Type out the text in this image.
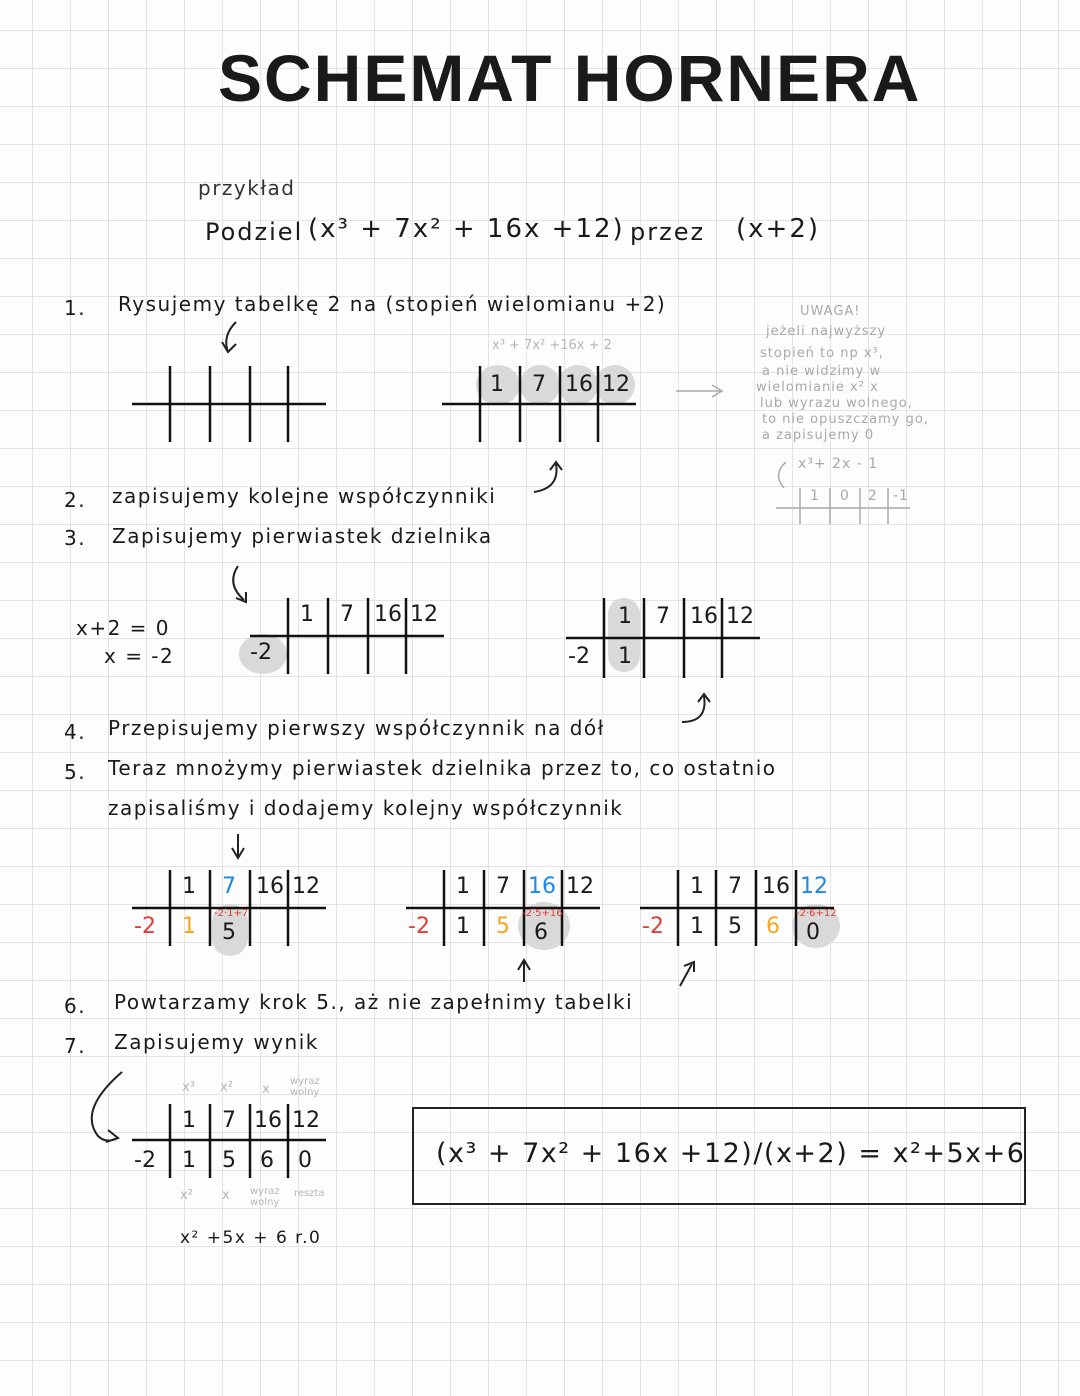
SCHEMAT HORNERA
przykład
Podziel (x³ + 7x² + 16x +12) przez (x+2)
1. Rysujemy tabelkę 2 na (stopień wielomianu +2)
x³ + 7x² +16x + 2
1 7 16 12
UWAGA!
jeżeli najwyższy
stopień to np x³,
a nie widzimy w
wielomianie x² x
lub wyrazu wolnego,
to nie opuszczamy go,
a zapisujemy 0
x³+ 2x - 1
1 0 2 -1
2. zapisujemy kolejne współczynniki
3. Zapisujemy pierwiastek dzielnika
x+2 = 0
x = -2
1 7 16 12
-2
1 7 16 12
-2 1
4. Przepisujemy pierwszy współczynnik na dół
5. Teraz mnożymy pierwiastek dzielnika przez to, co ostatnio
zapisaliśmy i dodajemy kolejny współczynnik
1 7 16 12
-2 1
-2·1+7
5
1 7 16 12
-2 1 5
-2·5+16
6
1 7 16 12
-2 1 5 6
-2·6+12
0
6. Powtarzamy krok 5., aż nie zapełnimy tabelki
7. Zapisujemy wynik
x³ x² x
wyraz wolny
1 7 16 12
-2 1 5 6 0
x² x wyraz wolny
reszta
x² +5x + 6 r.0
(x³ + 7x² + 16x +12)/(x+2) = x²+5x+6
